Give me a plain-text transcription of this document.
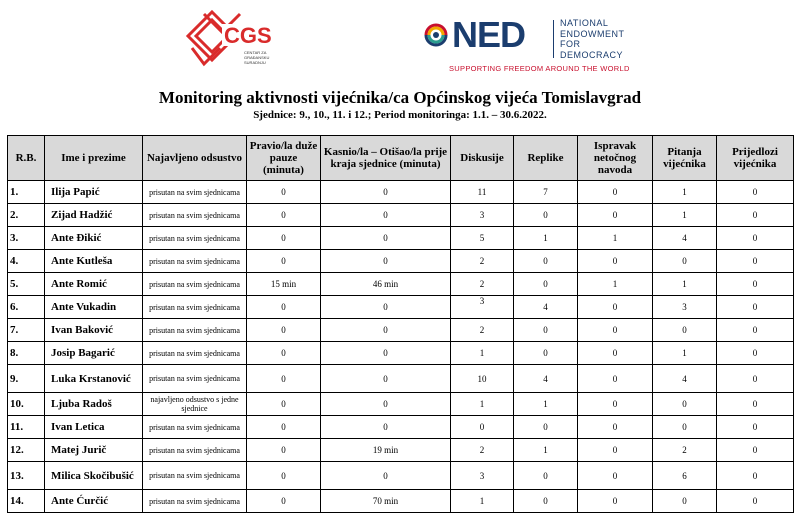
CGS
CENTAR ZA
GRAĐANSKU
SURADNJU
NED	NATIONAL
ENDOWMENT
FOR
DEMOCRACY
SUPPORTING FREEDOM AROUND THE WORLD
Monitoring aktivnosti vijećnika/ca Općinskog vijeća Tomislavgrad
Sjednice: 9., 10., 11. i 12.; Period monitoringa: 1.1. – 30.6.2022.
R.B.	Ime i prezime	Najavljeno odsustvo	Pravio/la duže pauze (minuta)	Kasnio/la – Otišao/la prije kraja sjednice (minuta)	Diskusije	Replike	Ispravak netočnog navoda	Pitanja vijećnika	Prijedlozi vijećnika
1.	Ilija Papić	prisutan na svim sjednicama	0	0	11	7	0	1	0
2.	Zijad Hadžić	prisutan na svim sjednicama	0	0	3	0	0	1	0
3.	Ante Đikić	prisutan na svim sjednicama	0	0	5	1	1	4	0
4.	Ante Kutleša	prisutan na svim sjednicama	0	0	2	0	0	0	0
5.	Ante Romić	prisutan na svim sjednicama	15 min	46 min	2	0	1	1	0
6.	Ante Vukadin	prisutan na svim sjednicama	0	0	3	4	0	3	0
7.	Ivan Baković	prisutan na svim sjednicama	0	0	2	0	0	0	0
8.	Josip Bagarić	prisutan na svim sjednicama	0	0	1	0	0	1	0
9.	Luka Krstanović	prisutan na svim sjednicama	0	0	10	4	0	4	0
10.	Ljuba Radoš	najavljeno odsustvo s jedne sjednice	0	0	1	1	0	0	0
11.	Ivan Letica	prisutan na svim sjednicama	0	0	0	0	0	0	0
12.	Matej Jurič	prisutan na svim sjednicama	0	19 min	2	1	0	2	0
13.	Milica Skočibušić	prisutan na svim sjednicama	0	0	3	0	0	6	0
14.	Ante Ćurčić	prisutan na svim sjednicama	0	70 min	1	0	0	0	0
